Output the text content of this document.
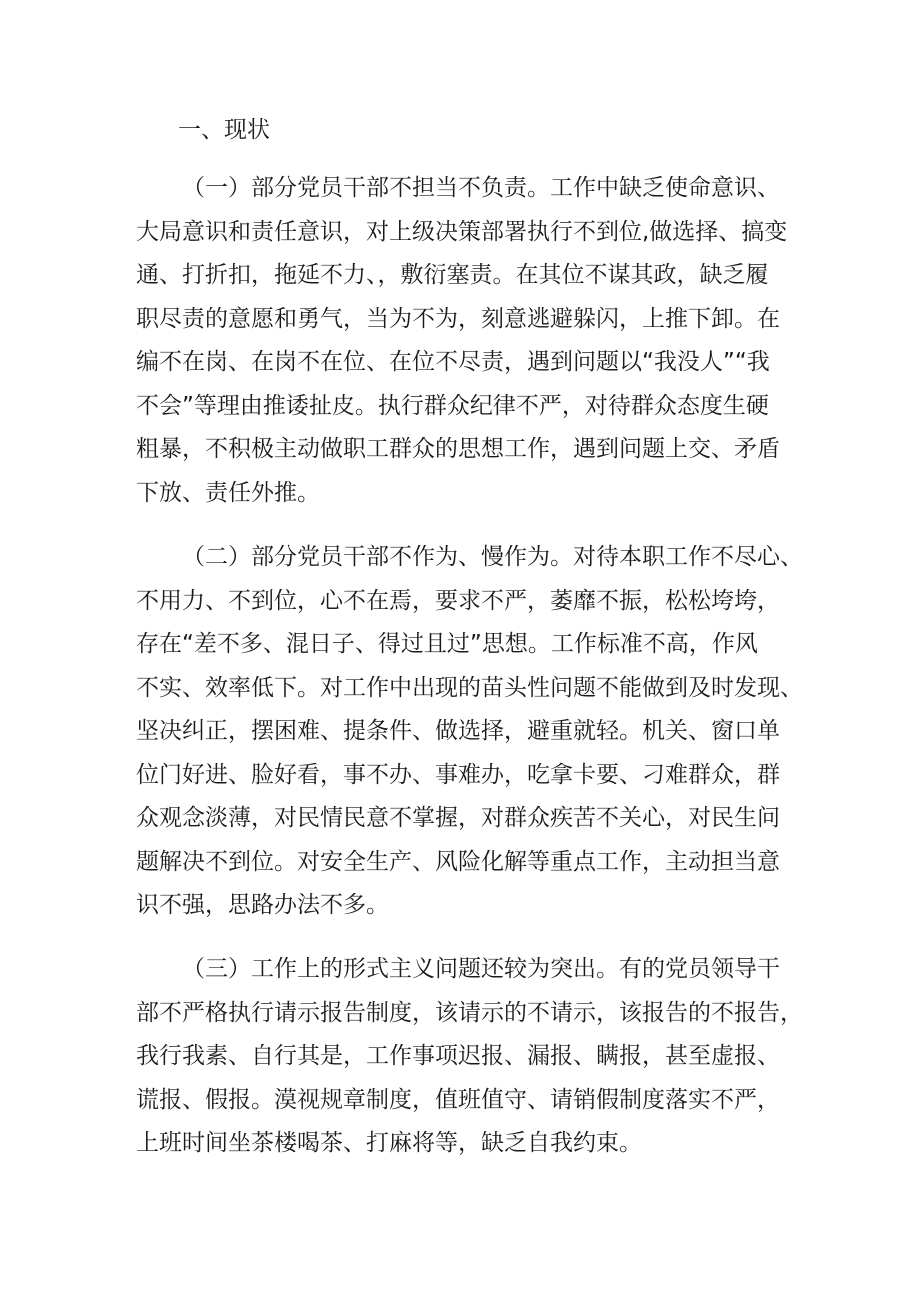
一、现状
（一）部分党员干部不担当不负责。工作中缺乏使命意识、
大局意识和责任意识，对上级决策部署执行不到位,做选择、搞变
通、打折扣，拖延不力、，敷衍塞责。在其位不谋其政，缺乏履
职尽责的意愿和勇气，当为不为，刻意逃避躲闪，上推下卸。在
编不在岗、在岗不在位、在位不尽责，遇到问题以“我没人”“我
不会”等理由推诿扯皮。执行群众纪律不严，对待群众态度生硬
粗暴，不积极主动做职工群众的思想工作，遇到问题上交、矛盾
下放、责任外推。
（二）部分党员干部不作为、慢作为。对待本职工作不尽心、
不用力、不到位，心不在焉，要求不严，萎靡不振，松松垮垮，
存在“差不多、混日子、得过且过”思想。工作标准不高，作风
不实、效率低下。对工作中出现的苗头性问题不能做到及时发现、
坚决纠正，摆困难、提条件、做选择，避重就轻。机关、窗口单
位门好进、脸好看，事不办、事难办，吃拿卡要、刁难群众，群
众观念淡薄，对民情民意不掌握，对群众疾苦不关心，对民生问
题解决不到位。对安全生产、风险化解等重点工作，主动担当意
识不强，思路办法不多。
（三）工作上的形式主义问题还较为突出。有的党员领导干
部不严格执行请示报告制度，该请示的不请示，该报告的不报告，
我行我素、自行其是，工作事项迟报、漏报、瞒报，甚至虚报、
谎报、假报。漠视规章制度，值班值守、请销假制度落实不严，
上班时间坐茶楼喝茶、打麻将等，缺乏自我约束。
